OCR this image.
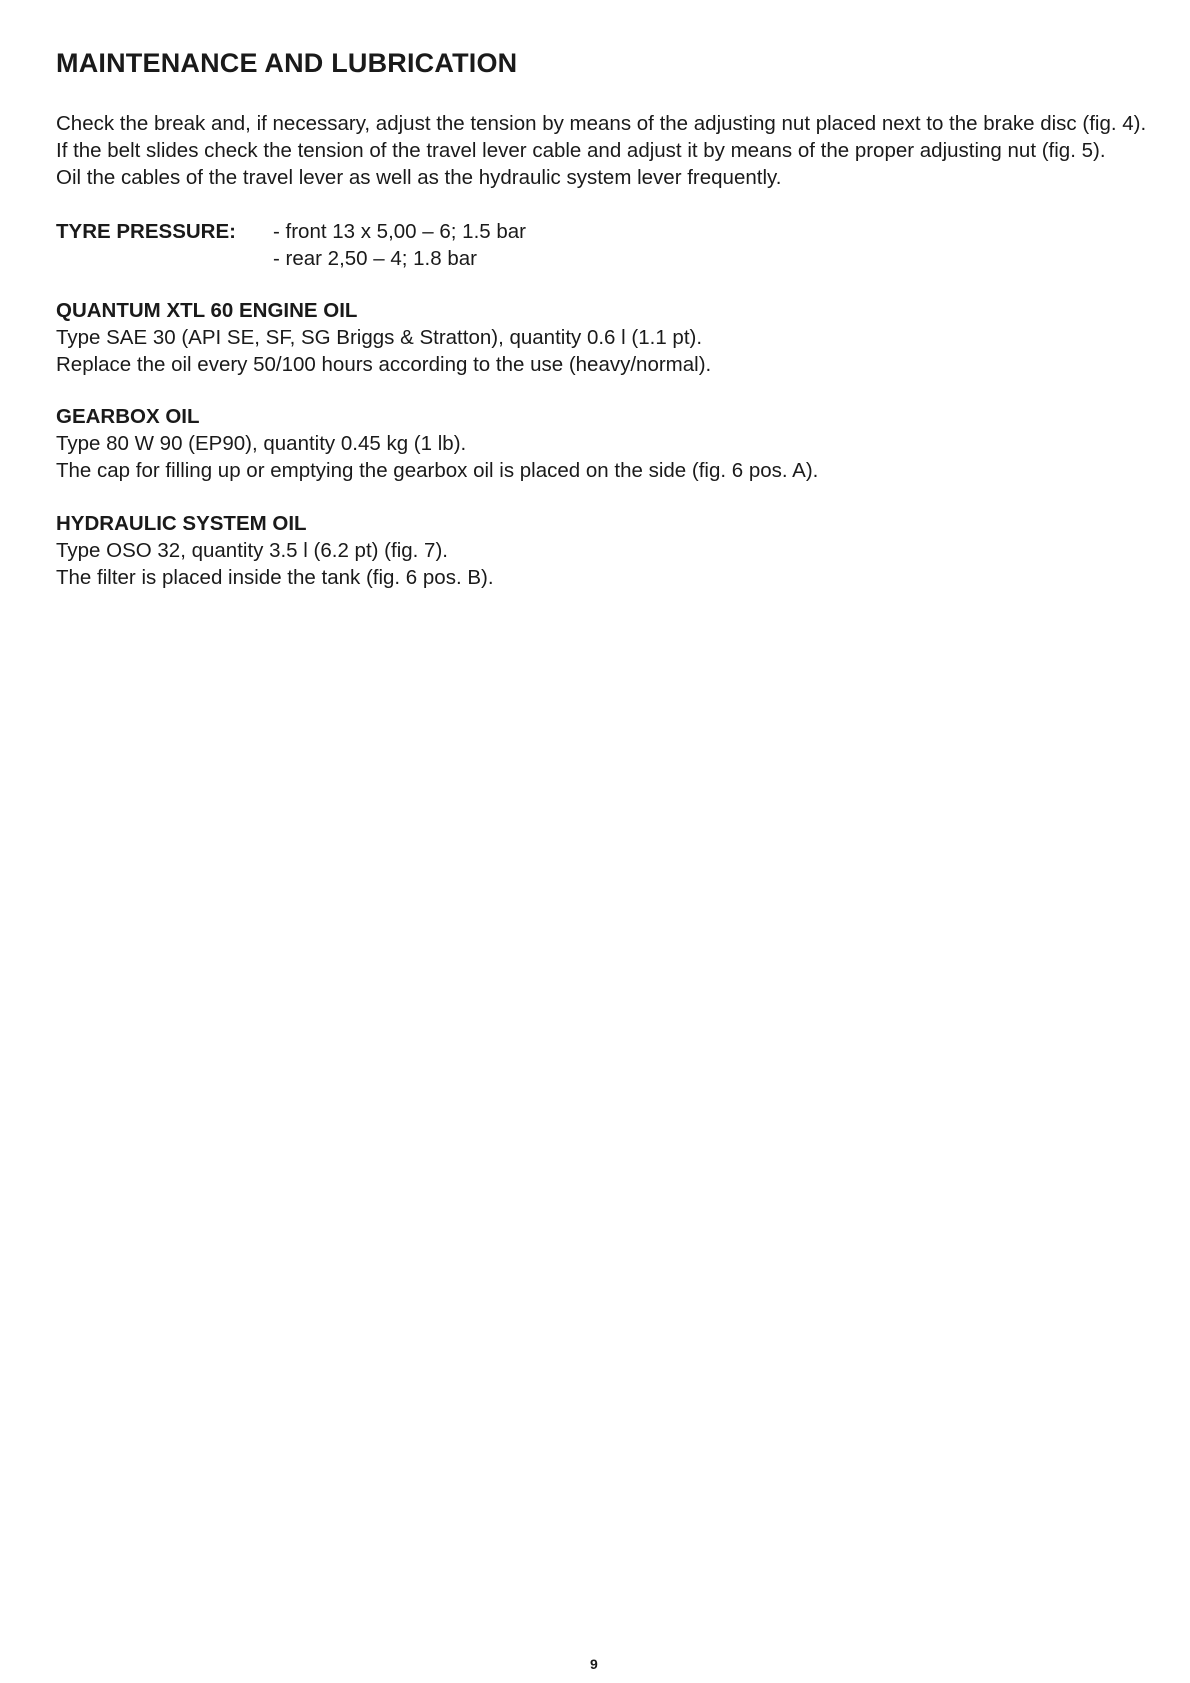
MAINTENANCE AND LUBRICATION

Check the break and, if necessary, adjust the tension by means of the adjusting nut placed next to the brake disc (fig. 4).
If the belt slides check the tension of the travel lever cable and adjust it by means of the proper adjusting nut (fig. 5).
Oil the cables of the travel lever as well as the hydraulic system lever frequently.

TYRE PRESSURE: - front 13 x 5,00 – 6; 1.5 bar
- rear 2,50 – 4; 1.8 bar
QUANTUM XTL 60 ENGINE OIL

Type SAE 30 (API SE, SF, SG Briggs & Stratton), quantity 0.6 l (1.1 pt).

Replace the oil every 50/100 hours according to the use (heavy/normal).

GEARBOX OIL

Type 80 W 90 (EP90), quantity 0.45 kg (1 lb).

The cap for filling up or emptying the gearbox oil is placed on the side (fig. 6 pos. A).

HYDRAULIC SYSTEM OIL

Type OSO 32, quantity 3.5 l (6.2 pt) (fig. 7).

The filter is placed inside the tank (fig. 6 pos. B).

9
